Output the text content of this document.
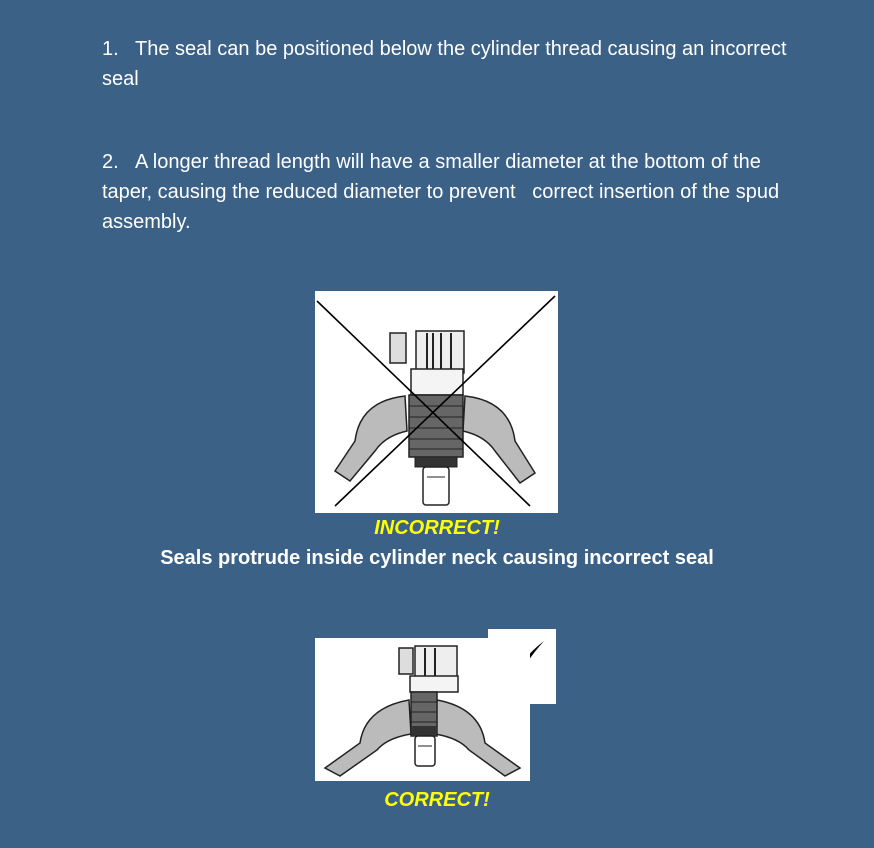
1. The seal can be positioned below the cylinder thread causing an incorrect seal

2. A longer thread length will have a smaller diameter at the bottom of the taper, causing the reduced diameter to prevent   correct insertion of the spud assembly.

INCORRECT!
Seals protrude inside cylinder neck causing incorrect seal
CORRECT!
